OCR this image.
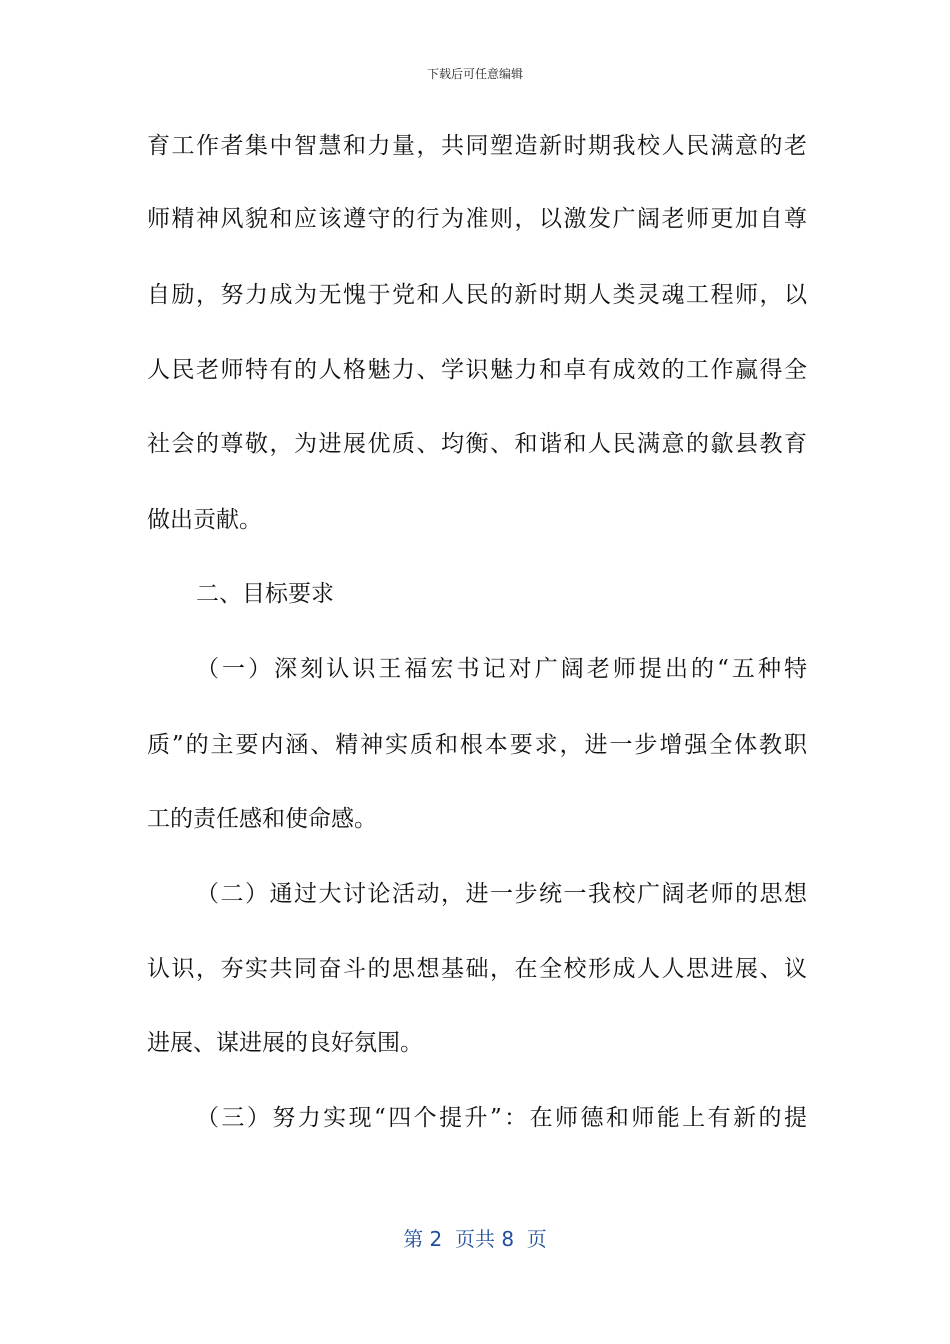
下载后可任意编辑
育工作者集中智慧和力量，共同塑造新时期我校人民满意的老
师精神风貌和应该遵守的行为准则，以激发广阔老师更加自尊
自励，努力成为无愧于党和人民的新时期人类灵魂工程师，以
人民老师特有的人格魅力、学识魅力和卓有成效的工作赢得全
社会的尊敬，为进展优质、均衡、和谐和人民满意的歙县教育
做出贡献。
二、目标要求
（一）深刻认识王福宏书记对广阔老师提出的“五种特
质”的主要内涵、精神实质和根本要求，进一步增强全体教职
工的责任感和使命感。
（二）通过大讨论活动，进一步统一我校广阔老师的思想
认识，夯实共同奋斗的思想基础，在全校形成人人思进展、议
进展、谋进展的良好氛围。
（三）努力实现“四个提升”：在师德和师能上有新的提
第 2  页共 8  页
